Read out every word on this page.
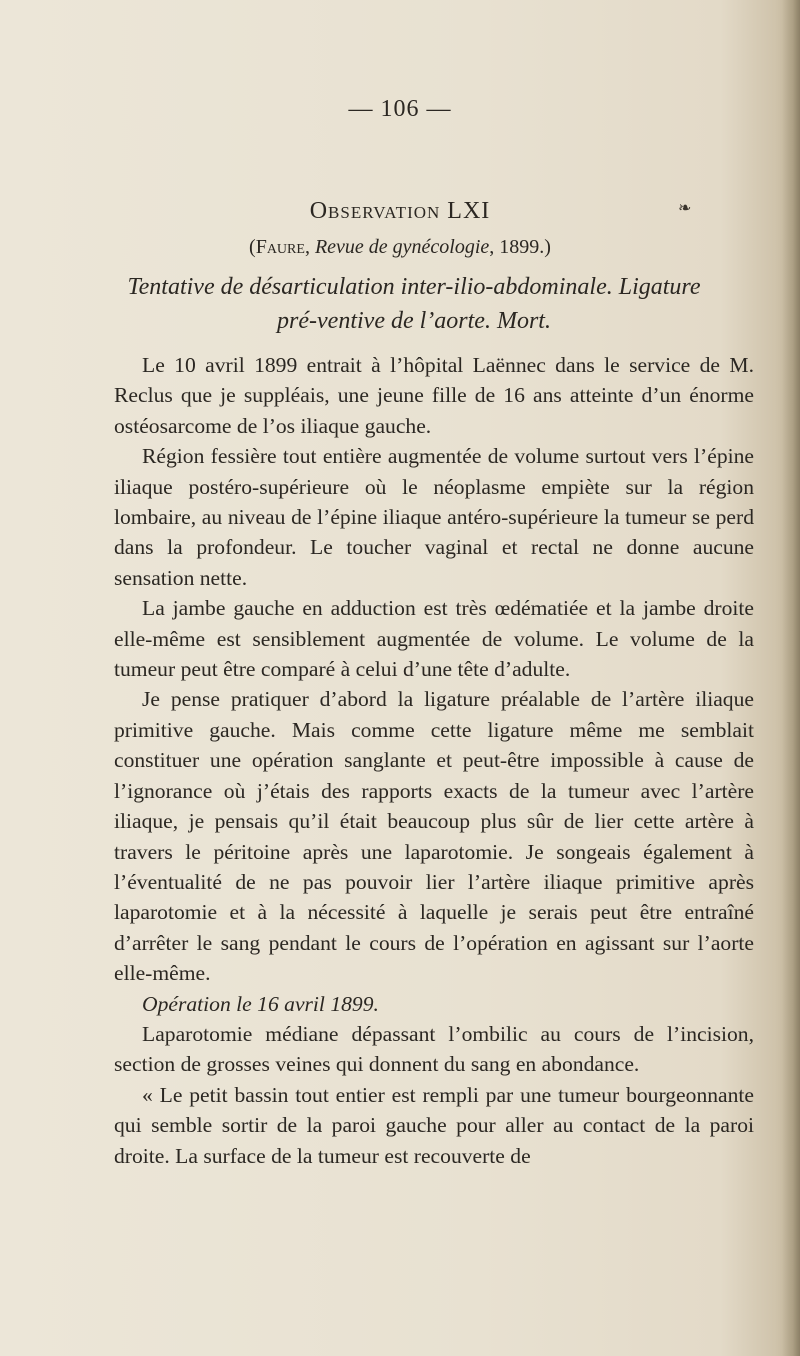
— 106 —
Observation LXI	❧
(Faure, Revue de gynécologie, 1899.)
Tentative de désarticulation inter-ilio-abdominale. Ligature pré-ventive de l’aorte. Mort.

Le 10 avril 1899 entrait à l’hôpital Laënnec dans le service de M. Reclus que je suppléais, une jeune fille de 16 ans atteinte d’un énorme ostéosarcome de l’os iliaque gauche.

Région fessière tout entière augmentée de volume surtout vers l’épine iliaque postéro-supérieure où le néoplasme empiète sur la région lombaire, au niveau de l’épine iliaque antéro-supérieure la tumeur se perd dans la profondeur. Le toucher vaginal et rectal ne donne aucune sensation nette.

La jambe gauche en adduction est très œdématiée et la jambe droite elle-même est sensiblement augmentée de volume. Le volume de la tumeur peut être comparé à celui d’une tête d’adulte.

Je pense pratiquer d’abord la ligature préalable de l’artère iliaque primitive gauche. Mais comme cette ligature même me semblait constituer une opération sanglante et peut-être impossible à cause de l’ignorance où j’étais des rapports exacts de la tumeur avec l’artère iliaque, je pensais qu’il était beaucoup plus sûr de lier cette artère à travers le péritoine après une laparotomie. Je songeais également à l’éventualité de ne pas pouvoir lier l’artère iliaque primitive après laparotomie et à la nécessité à laquelle je serais peut être entraîné d’arrêter le sang pendant le cours de l’opération en agissant sur l’aorte elle-même.

Opération le 16 avril 1899.

Laparotomie médiane dépassant l’ombilic au cours de l’incision, section de grosses veines qui donnent du sang en abondance.

« Le petit bassin tout entier est rempli par une tumeur bourgeonnante qui semble sortir de la paroi gauche pour aller au contact de la paroi droite. La surface de la tumeur est recouverte de
